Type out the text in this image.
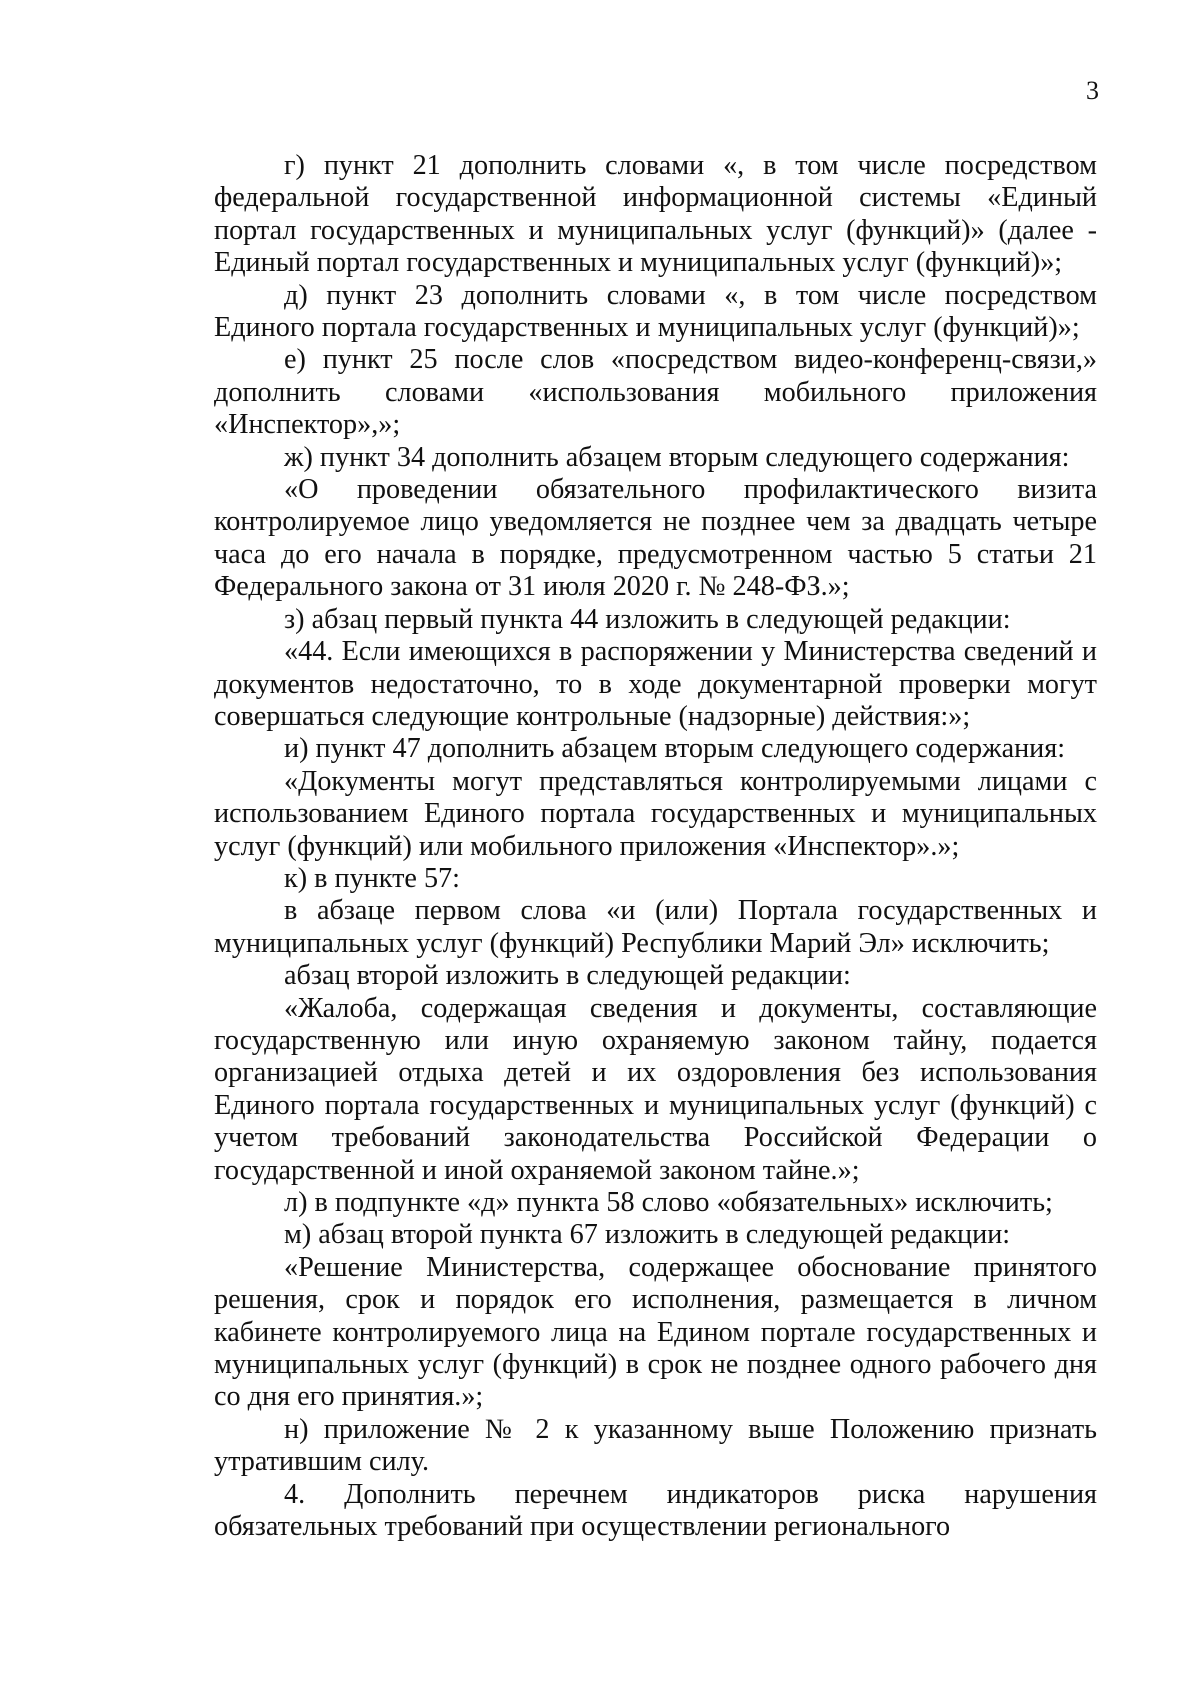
3

г) пункт 21 дополнить словами «, в том числе посредством федеральной государственной информационной системы «Единый портал государственных и муниципальных услуг (функций)» (далее - Единый портал государственных и муниципальных услуг (функций)»;

д) пункт 23 дополнить словами «, в том числе посредством Единого портала государственных и муниципальных услуг (функций)»;

е) пункт 25 после слов «посредством видео-конференц-связи,» дополнить словами «использования мобильного приложения «Инспектор»,»;

ж) пункт 34 дополнить абзацем вторым следующего содержания:

«О проведении обязательного профилактического визита контролируемое лицо уведомляется не позднее чем за двадцать четыре часа до его начала в порядке, предусмотренном частью 5 статьи 21 Федерального закона от 31 июля 2020 г. № 248-ФЗ.»;

з) абзац первый пункта 44 изложить в следующей редакции:

«44. Если имеющихся в распоряжении у Министерства сведений и документов недостаточно, то в ходе документарной проверки могут совершаться следующие контрольные (надзорные) действия:»;

и) пункт 47 дополнить абзацем вторым следующего содержания:

«Документы могут представляться контролируемыми лицами с использованием Единого портала государственных и муниципальных услуг (функций) или мобильного приложения «Инспектор».»;

к) в пункте 57:

в абзаце первом слова «и (или) Портала государственных и муниципальных услуг (функций) Республики Марий Эл» исключить;

абзац второй изложить в следующей редакции:

«Жалоба, содержащая сведения и документы, составляющие государственную или иную охраняемую законом тайну, подается организацией отдыха детей и их оздоровления без использования Единого портала государственных и муниципальных услуг (функций) с учетом требований законодательства Российской Федерации о государственной и иной охраняемой законом тайне.»;

л) в подпункте «д» пункта 58 слово «обязательных» исключить;

м) абзац второй пункта 67 изложить в следующей редакции:

«Решение Министерства, содержащее обоснование принятого решения, срок и порядок его исполнения, размещается в личном кабинете контролируемого лица на Едином портале государственных и муниципальных услуг (функций) в срок не позднее одного рабочего дня со дня его принятия.»;

н) приложение № 2 к указанному выше Положению признать утратившим силу.

4. Дополнить перечнем индикаторов риска нарушения обязательных требований при осуществлении регионального
